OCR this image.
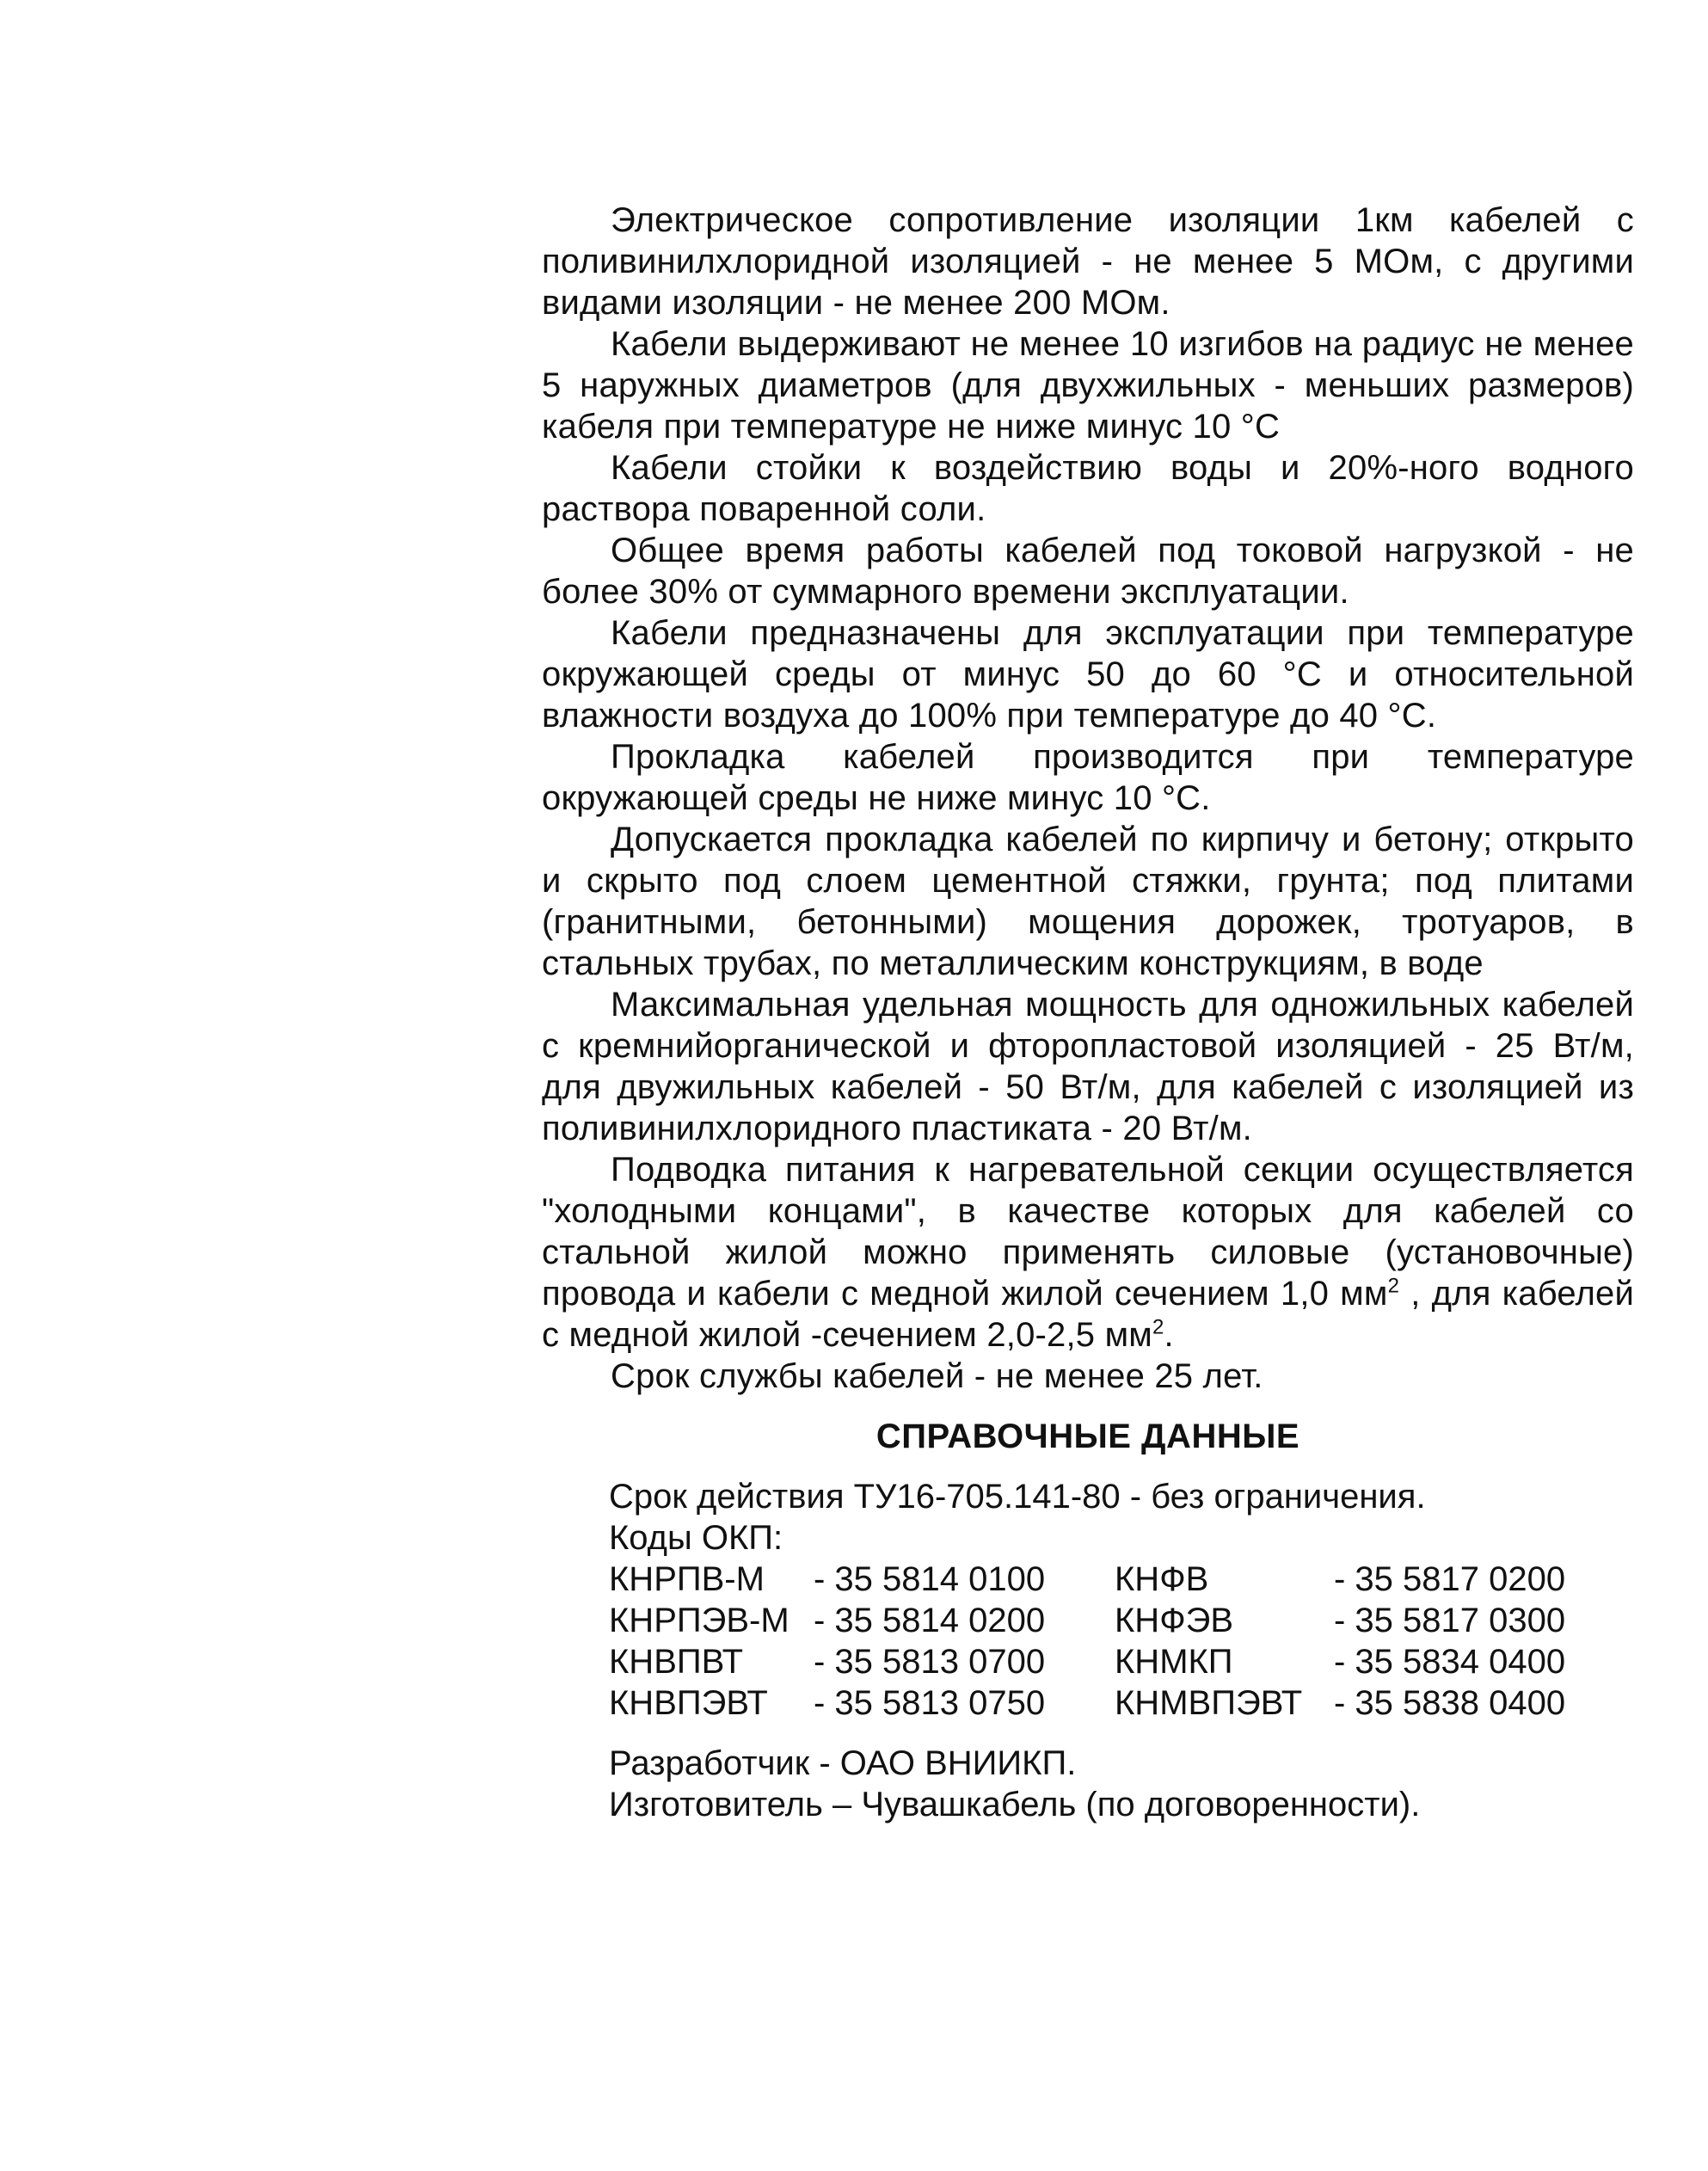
Электрическое сопротивление изоляции 1км кабелей с поливинилхлоридной изоляцией - не менее 5 МОм, с другими видами изоляции - не менее 200 МОм.

Кабели выдерживают не менее 10 изгибов на радиус не менее 5 наружных диаметров (для двухжильных - меньших размеров) кабеля при температуре не ниже минус 10 °С

Кабели стойки к воздействию воды и 20%-ного водного раствора поваренной соли.

Общее время работы кабелей под токовой нагрузкой - не более 30% от суммарного времени эксплуатации.

Кабели предназначены для эксплуатации при температуре окружающей среды от минус 50 до 60 °С и относительной влажности воздуха до 100% при температуре до 40 °С.

Прокладка кабелей производится при температуре окружающей среды не ниже минус 10 °С.

Допускается прокладка кабелей по кирпичу и бетону; открыто и скрыто под слоем цементной стяжки, грунта; под плитами (гранитными, бетонными) мощения дорожек, тротуаров, в стальных трубах, по металлическим конструкциям, в воде

Максимальная удельная мощность для одножильных кабелей с кремнийорганической и фторопластовой изоляцией - 25 Вт/м, для двужильных кабелей - 50 Вт/м, для кабелей с изоляцией из поливинилхлоридного пластиката - 20 Вт/м.

Подводка питания к нагревательной секции осуществляется "холодными концами", в качестве которых для кабелей со стальной жилой можно применять силовые (установочные) провода и кабели с медной жилой сечением 1,0 $мм^2$ , для кабелей с медной жилой -сечением 2,0-2,5 $мм^2$.

Срок службы кабелей - не менее 25 лет.

СПРАВОЧНЫЕ ДАННЫЕ

Срок действия ТУ16-705.141-80 - без ограничения.

Коды ОКП:

КНРПВ-М	- 35 5814 0100	КНФВ	- 35 5817 0200
КНРПЭВ-М	- 35 5814 0200	КНФЭВ	- 35 5817 0300
КНВПВТ	- 35 5813 0700	КНМКП	- 35 5834 0400
КНВПЭВТ	- 35 5813 0750	КНМВПЭВТ	- 35 5838 0400

Разработчик - ОАО ВНИИКП.

Изготовитель – Чувашкабель (по договоренности).
